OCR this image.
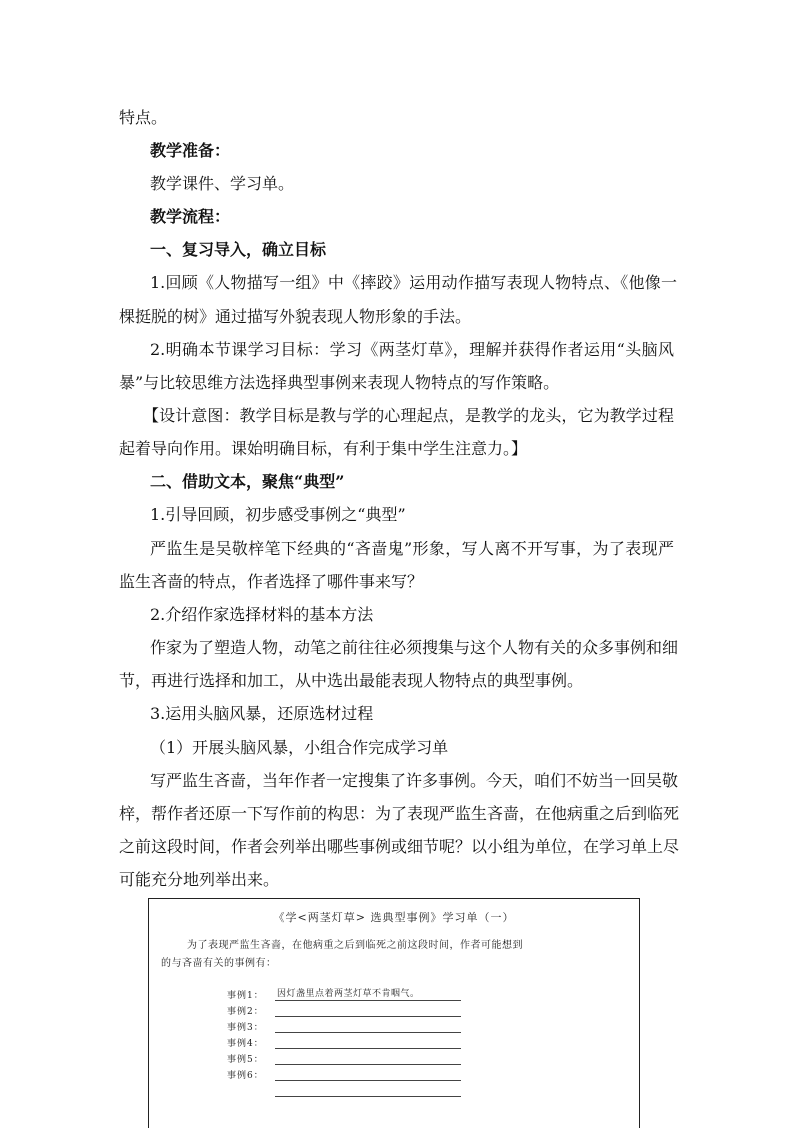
特点。
教学准备：
教学课件、学习单。
教学流程：
一、复习导入，确立目标
1.回顾《人物描写一组》中《摔跤》运用动作描写表现人物特点、《他像一
棵挺脱的树》通过描写外貌表现人物形象的手法。
2.明确本节课学习目标：学习《两茎灯草》，理解并获得作者运用“头脑风
暴”与比较思维方法选择典型事例来表现人物特点的写作策略。
【设计意图：教学目标是教与学的心理起点，是教学的龙头，它为教学过程
起着导向作用。课始明确目标，有利于集中学生注意力。】
二、借助文本，聚焦“典型”
1.引导回顾，初步感受事例之“典型”
严监生是吴敬梓笔下经典的“吝啬鬼”形象，写人离不开写事，为了表现严
监生吝啬的特点，作者选择了哪件事来写？
2.介绍作家选择材料的基本方法
作家为了塑造人物，动笔之前往往必须搜集与这个人物有关的众多事例和细
节，再进行选择和加工，从中选出最能表现人物特点的典型事例。
3.运用头脑风暴，还原选材过程
（1）开展头脑风暴，小组合作完成学习单
写严监生吝啬，当年作者一定搜集了许多事例。今天，咱们不妨当一回吴敬
梓，帮作者还原一下写作前的构思：为了表现严监生吝啬，在他病重之后到临死
之前这段时间，作者会列举出哪些事例或细节呢？以小组为单位，在学习单上尽
可能充分地列举出来。
《学<两茎灯草> 选典型事例》学习单（一）
为了表现严监生吝啬，在他病重之后到临死之前这段时间，作者可能想到
的与吝啬有关的事例有：
事例1：	因灯盏里点着两茎灯草不肯咽气。
事例2：
事例3：
事例4：
事例5：
事例6：
